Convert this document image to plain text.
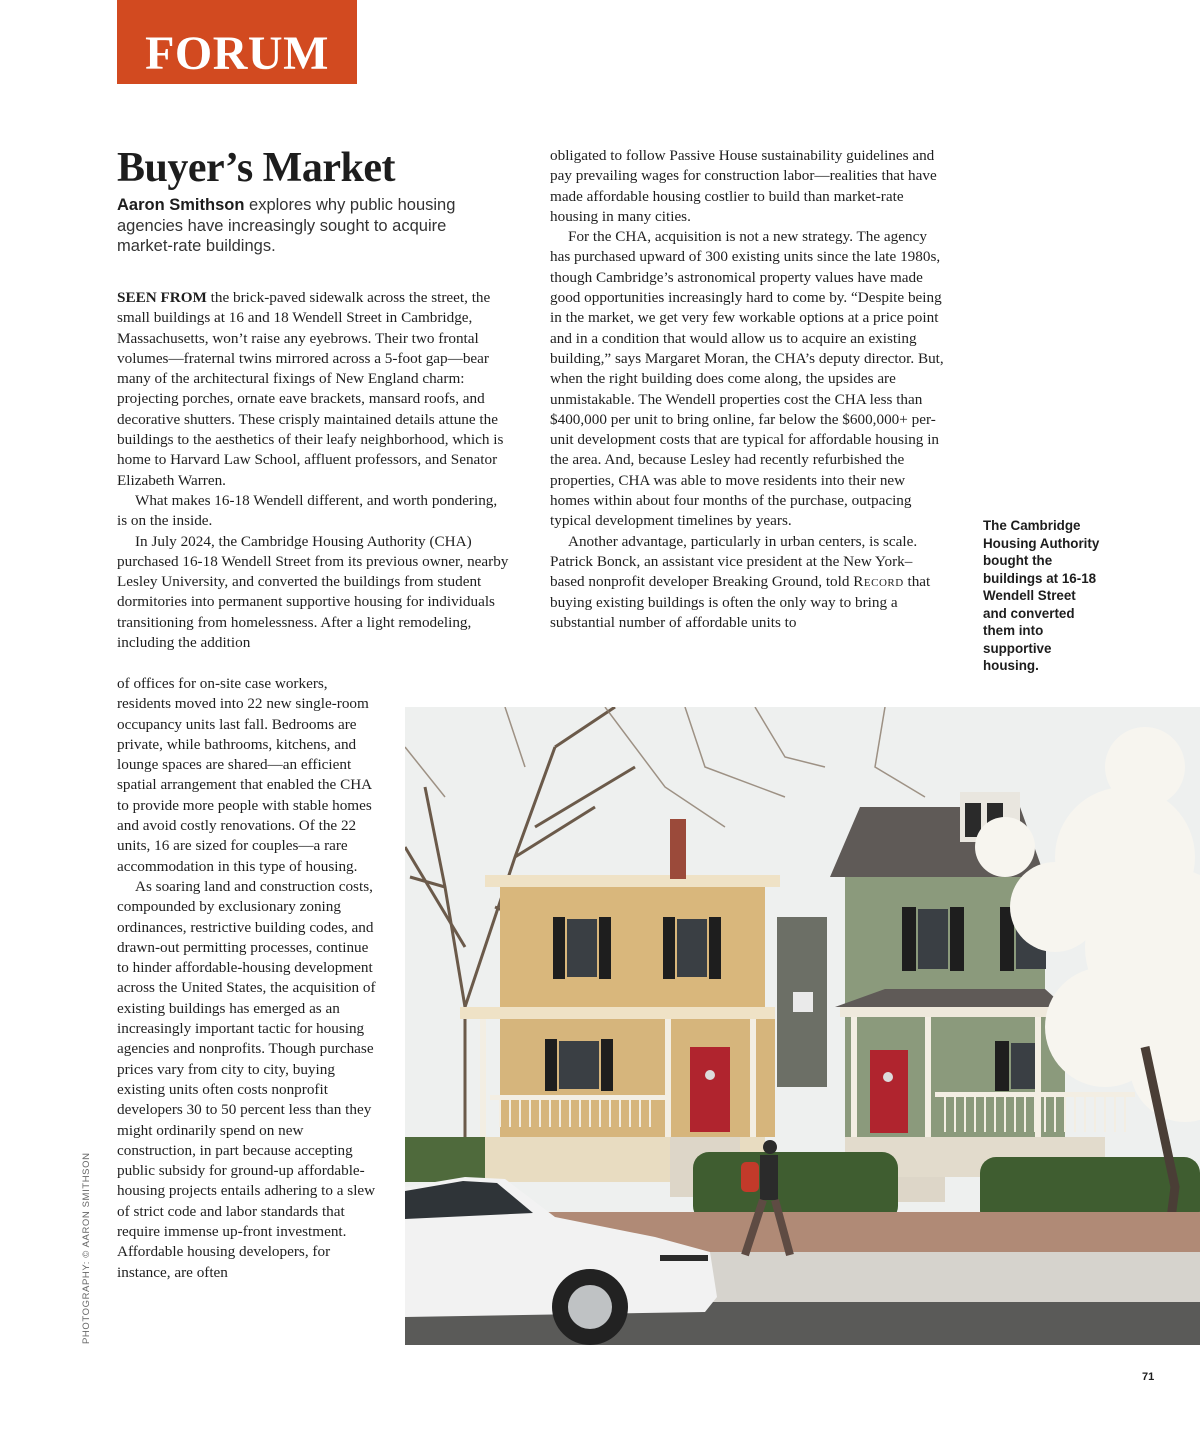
FORUM
Buyer’s Market
Aaron Smithson explores why public housing agencies have increasingly sought to acquire market-rate buildings.

SEEN FROM the brick-paved sidewalk across the street, the small buildings at 16 and 18 Wendell Street in Cambridge, Massachusetts, won’t raise any eyebrows. Their two frontal volumes—fraternal twins mirrored across a 5-foot gap—bear many of the architectural fixings of New England charm: projecting porches, ornate eave brackets, mansard roofs, and decorative shutters. These crisply maintained details attune the buildings to the aesthetics of their leafy neighborhood, which is home to Harvard Law School, affluent professors, and Senator Elizabeth Warren.

What makes 16-18 Wendell different, and worth pondering, is on the inside.

In July 2024, the Cambridge Housing Authority (CHA) purchased 16-18 Wendell Street from its previous owner, nearby Lesley University, and converted the buildings from student dormitories into permanent supportive housing for individuals transitioning from homelessness. After a light remodeling, including the addition

of offices for on-site case workers, residents moved into 22 new single-room occupancy units last fall. Bedrooms are private, while bathrooms, kitchens, and lounge spaces are shared—an efficient spatial arrangement that enabled the CHA to provide more people with stable homes and avoid costly renovations. Of the 22 units, 16 are sized for couples—a rare accommodation in this type of housing.

As soaring land and construction costs, compounded by exclusionary zoning ordinances, restrictive building codes, and drawn-out permitting processes, continue to hinder affordable-housing development across the United States, the acquisition of existing buildings has emerged as an increasingly important tactic for housing agencies and nonprofits. Though purchase prices vary from city to city, buying existing units often costs nonprofit developers 30 to 50 percent less than they might ordinarily spend on new construction, in part because accepting public subsidy for ground-up affordable-housing projects entails adhering to a slew of strict code and labor standards that require immense up-front investment. Affordable housing developers, for instance, are often

obligated to follow Passive House sustainability guidelines and pay prevailing wages for construction labor—realities that have made affordable housing costlier to build than market-rate housing in many cities.

For the CHA, acquisition is not a new strategy. The agency has purchased upward of 300 existing units since the late 1980s, though Cambridge’s astronomical property values have made good opportunities increasingly hard to come by. “Despite being in the market, we get very few workable options at a price point and in a condition that would allow us to acquire an existing building,” says Margaret Moran, the CHA’s deputy director. But, when the right building does come along, the upsides are unmistakable. The Wendell properties cost the CHA less than $400,000 per unit to bring online, far below the $600,000+ per-unit development costs that are typical for affordable housing in the area. And, because Lesley had recently refurbished the properties, CHA was able to move residents into their new homes within about four months of the purchase, outpacing typical development timelines by years.

Another advantage, particularly in urban centers, is scale. Patrick Bonck, an assistant vice president at the New York–based nonprofit developer Breaking Ground, told Record that buying existing buildings is often the only way to bring a substantial number of affordable units to

The Cambridge Housing Authority bought the buildings at 16-18 Wendell Street and converted them into supportive housing.
PHOTOGRAPHY: © AARON SMITHSON
71
